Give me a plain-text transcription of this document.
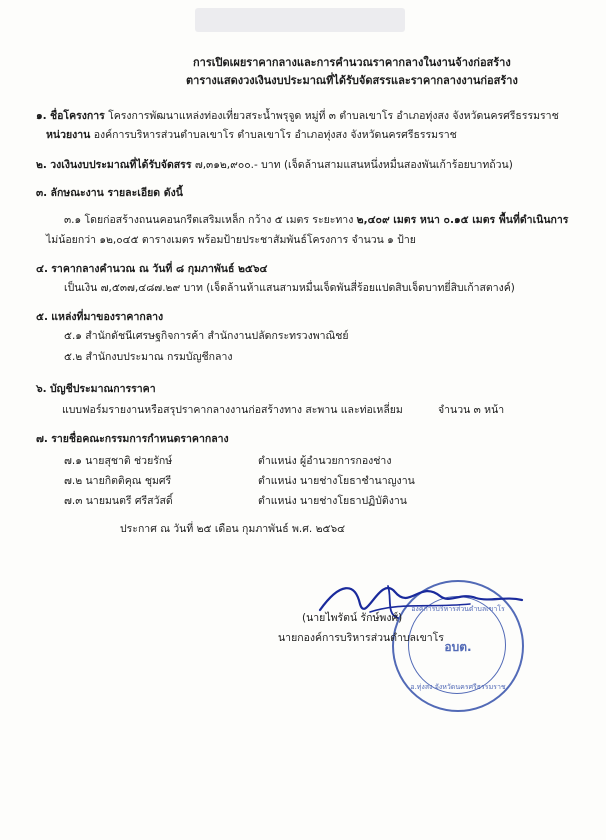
การเปิดเผยราคากลางและการคำนวณราคากลางในงานจ้างก่อสร้าง
ตารางแสดงวงเงินงบประมาณที่ได้รับจัดสรรและราคากลางงานก่อสร้าง
๑. ชื่อโครงการ โครงการพัฒนาแหล่งท่องเที่ยวสระน้ำพรุจูด หมู่ที่ ๓ ตำบลเขาโร อำเภอทุ่งสง จังหวัดนครศรีธรรมราช
หน่วยงาน องค์การบริหารส่วนตำบลเขาโร ตำบลเขาโร อำเภอทุ่งสง จังหวัดนครศรีธรรมราช
๒. วงเงินงบประมาณที่ได้รับจัดสรร ๗,๓๑๒,๙๐๐.- บาท (เจ็ดล้านสามแสนหนึ่งหมื่นสองพันเก้าร้อยบาทถ้วน)
๓. ลักษณะงาน รายละเอียด ดังนี้
๓.๑ โดยก่อสร้างถนนคอนกรีตเสริมเหล็ก กว้าง ๕ เมตร ระยะทาง ๒,๔๐๙ เมตร หนา ๐.๑๕ เมตร พื้นที่ดำเนินการ
ไม่น้อยกว่า ๑๒,๐๔๕ ตารางเมตร พร้อมป้ายประชาสัมพันธ์โครงการ จำนวน ๑ ป้าย
๔. ราคากลางคำนวณ ณ วันที่ ๘ กุมภาพันธ์ ๒๕๖๔
เป็นเงิน ๗,๕๓๗,๔๘๗.๒๙ บาท (เจ็ดล้านห้าแสนสามหมื่นเจ็ดพันสี่ร้อยแปดสิบเจ็ดบาทยี่สิบเก้าสตางค์)
๕. แหล่งที่มาของราคากลาง
๕.๑ สำนักดัชนีเศรษฐกิจการค้า สำนักงานปลัดกระทรวงพาณิชย์
๕.๒ สำนักงบประมาณ กรมบัญชีกลาง
๖. บัญชีประมาณการราคา
แบบฟอร์มรายงานหรือสรุปราคากลางงานก่อสร้างทาง สะพาน และท่อเหลี่ยม	จำนวน ๓ หน้า
๗. รายชื่อคณะกรรมการกำหนดราคากลาง
๗.๑ นายสุชาติ ช่วยรักษ์	ตำแหน่ง ผู้อำนวยการกองช่าง
๗.๒ นายกิตติคุณ ชุมศรี	ตำแหน่ง นายช่างโยธาชำนาญงาน
๗.๓ นายมนตรี ศรีสวัสดิ์	ตำแหน่ง นายช่างโยธาปฏิบัติงาน
ประกาศ ณ วันที่ ๒๕ เดือน กุมภาพันธ์ พ.ศ. ๒๕๖๔
องค์การบริหารส่วนตำบลเขาโร
อบต.
อ.ทุ่งสง จังหวัดนครศรีธรรมราช
(นายไพรัตน์ รักษ์พงศ์)
นายกองค์การบริหารส่วนตำบลเขาโร
